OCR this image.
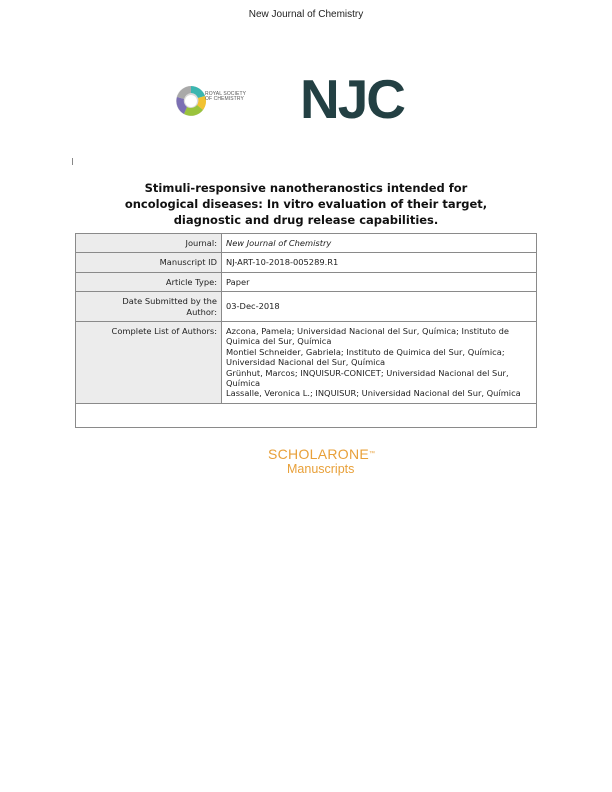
New Journal of Chemistry
ROYAL SOCIETY
OF CHEMISTRY NJC
Stimuli-responsive nanotheranostics intended for
oncological diseases: In vitro evaluation of their target,
diagnostic and drug release capabilities.
Journal:	New Journal of Chemistry
Manuscript ID	NJ-ART-10-2018-005289.R1
Article Type:	Paper

Date Submitted by the
Author:	03-Dec-2018
Complete List of Authors:	Azcona, Pamela; Universidad Nacional del Sur, Química; Instituto de Quimica del Sur, Química
Montiel Schneider, Gabriela; Instituto de Quimica del Sur, Química; Universidad Nacional del Sur, Química
Grünhut, Marcos; INQUISUR-CONICET; Universidad Nacional del Sur, Química
Lassalle, Veronica L.; INQUISUR; Universidad Nacional del Sur, Química

SCHOLARONE™
Manuscripts
